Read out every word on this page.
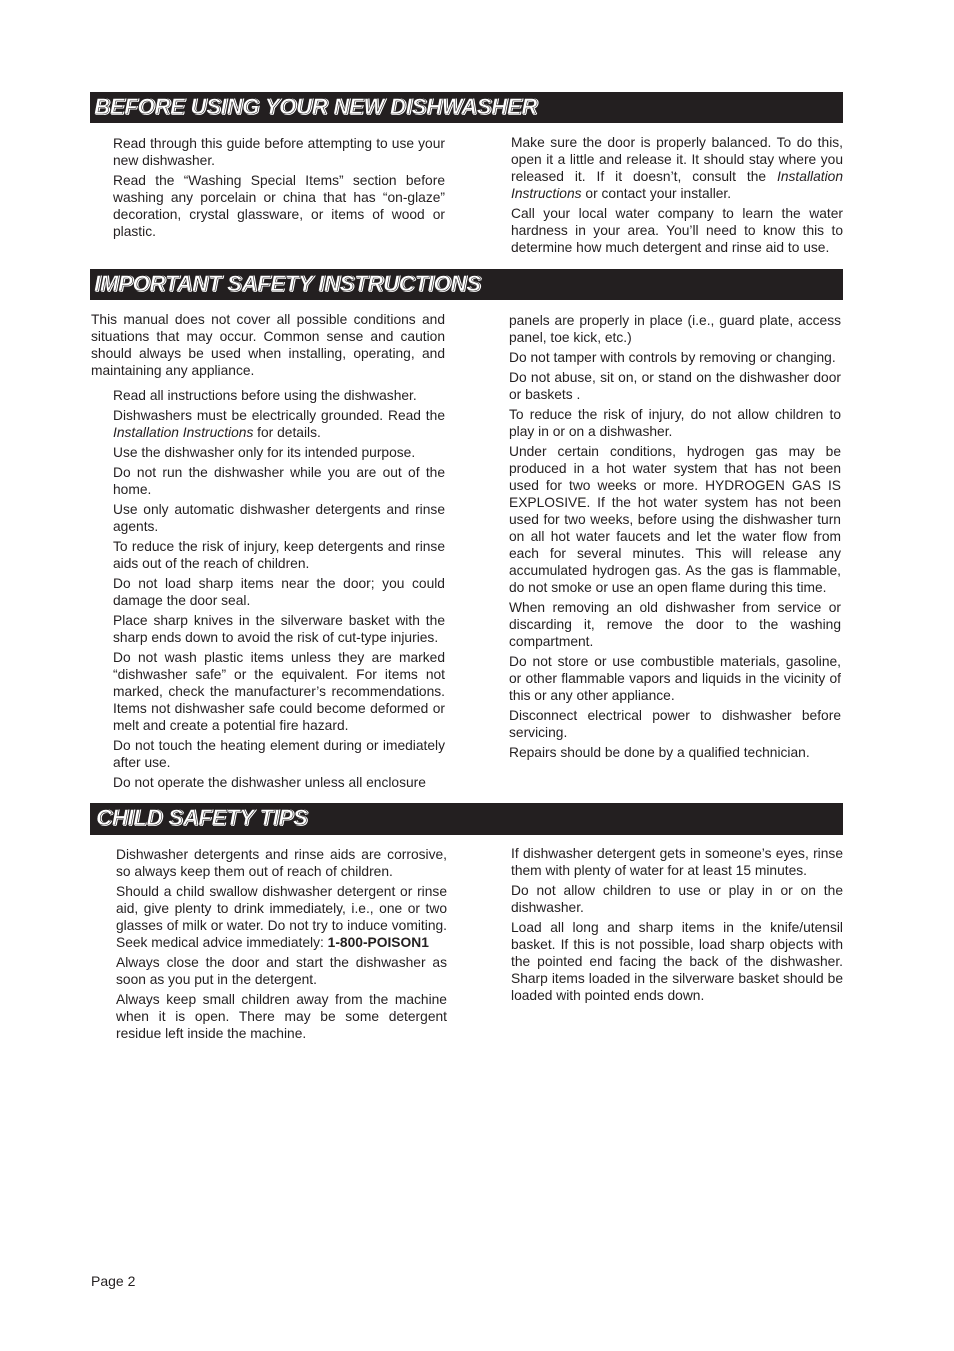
BEFORE USING YOUR NEW DISHWASHER

Read through this guide before attempting to use your new dishwasher.

Read the “Washing Special Items” section before washing any porcelain or china that has “on-glaze” decoration, crystal glassware, or items of wood or plastic.

Make sure the door is properly balanced. To do this, open it a little and release it. It should stay where you released it. If it doesn’t, consult the Installation Instructions or contact your installer.

Call your local water company to learn the water hardness in your area. You’ll need to know this to determine how much detergent and rinse aid to use.

IMPORTANT SAFETY INSTRUCTIONS

This manual does not cover all possible conditions and situations that may occur. Common sense and caution should always be used when installing, operating, and maintaining any appliance.

Read all instructions before using the dishwasher.

Dishwashers must be electrically grounded. Read the Installation Instructions for details.

Use the dishwasher only for its intended purpose.

Do not run the dishwasher while you are out of the home.

Use only automatic dishwasher detergents and rinse agents.

To reduce the risk of injury, keep detergents and rinse aids out of the reach of children.

Do not load sharp items near the door; you could damage the door seal.

Place sharp knives in the silverware basket with the sharp ends down to avoid the risk of cut-type injuries.

Do not wash plastic items unless they are marked “dishwasher safe” or the equivalent. For items not marked, check the manufacturer’s recommendations. Items not dishwasher safe could become deformed or melt and create a potential fire hazard.

Do not touch the heating element during or imediately after use.

Do not operate the dishwasher unless all enclosure

panels are properly in place (i.e., guard plate, access panel, toe kick, etc.)

Do not tamper with controls by removing or changing.

Do not abuse, sit on, or stand on the dishwasher door or baskets .

To reduce the risk of injury, do not allow children to play in or on a dishwasher.

Under certain conditions, hydrogen gas may be produced in a hot water system that has not been used for two weeks or more. HYDROGEN GAS IS EXPLOSIVE. If the hot water system has not been used for two weeks, before using the dishwasher turn on all hot water faucets and let the water flow from each for several minutes. This will release any accumulated hydrogen gas. As the gas is flammable, do not smoke or use an open flame during this time.

When removing an old dishwasher from service or discarding it, remove the door to the washing compartment.

Do not store or use combustible materials, gasoline, or other flammable vapors and liquids in the vicinity of this or any other appliance.

Disconnect electrical power to dishwasher before servicing.

Repairs should be done by a qualified technician.

CHILD SAFETY TIPS

Dishwasher detergents and rinse aids are corrosive, so always keep them out of reach of children.

Should a child swallow dishwasher detergent or rinse aid, give plenty to drink immediately, i.e., one or two glasses of milk or water. Do not try to induce vomiting. Seek medical advice immediately: 1-800-POISON1

Always close the door and start the dishwasher as soon as you put in the detergent.

Always keep small children away from the machine when it is open. There may be some detergent residue left inside the machine.

If dishwasher detergent gets in someone’s eyes, rinse them with plenty of water for at least 15 minutes.

Do not allow children to use or play in or on the dishwasher.

Load all long and sharp items in the knife/utensil basket. If this is not possible, load sharp objects with the pointed end facing the back of the dishwasher. Sharp items loaded in the silverware basket should be loaded with pointed ends down.

Page 2
